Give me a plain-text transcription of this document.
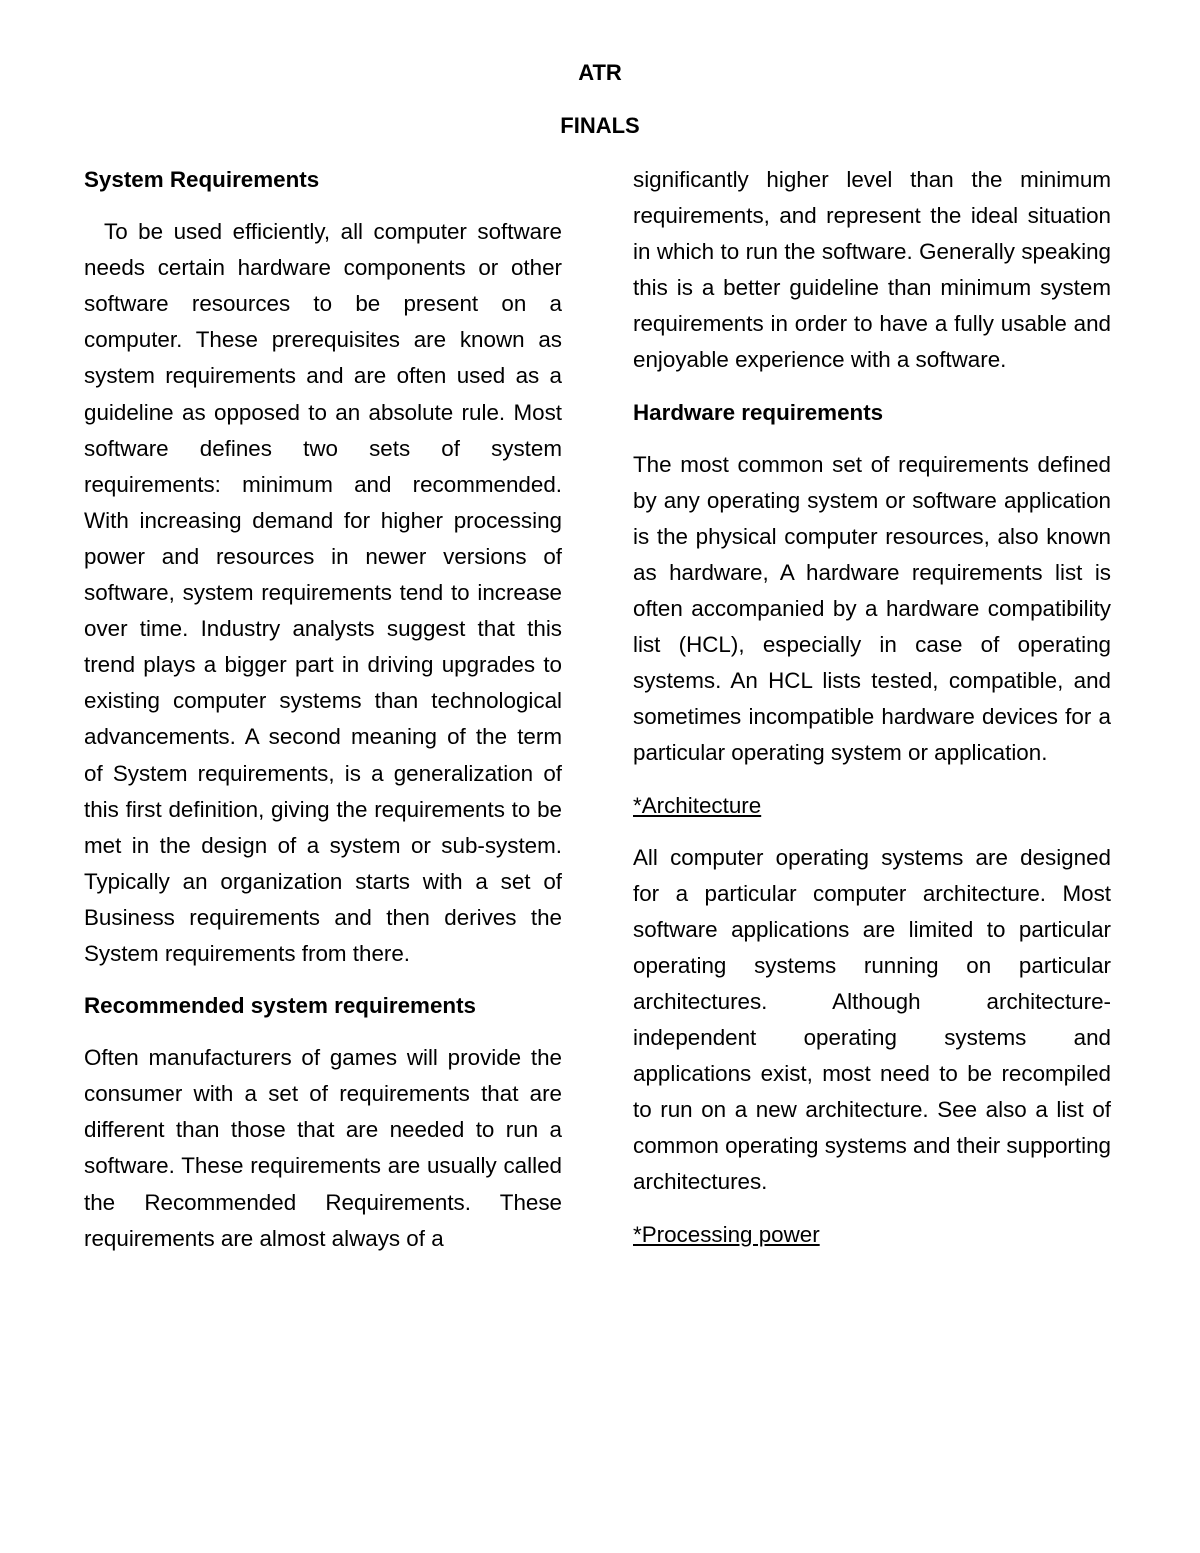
ATR
FINALS
System Requirements

To be used efficiently, all computer software needs certain hardware components or other software resources to be present on a computer. These prerequisites are known as system requirements and are often used as a guideline as opposed to an absolute rule. Most software defines two sets of system requirements: minimum and recommended. With increasing demand for higher processing power and resources in newer versions of software, system requirements tend to increase over time. Industry analysts suggest that this trend plays a bigger part in driving upgrades to existing computer systems than technological advancements. A second meaning of the term of System requirements, is a generalization of this first definition, giving the requirements to be met in the design of a system or sub-system. Typically an organization starts with a set of Business requirements and then derives the System requirements from there.

Recommended system requirements

Often manufacturers of games will provide the consumer with a set of requirements that are different than those that are needed to run a software. These requirements are usually called the Recommended Requirements. These requirements are almost always of a

significantly higher level than the minimum requirements, and represent the ideal situation in which to run the software. Generally speaking this is a better guideline than minimum system requirements in order to have a fully usable and enjoyable experience with a software.

Hardware requirements

The most common set of requirements defined by any operating system or software application is the physical computer resources, also known as hardware, A hardware requirements list is often accompanied by a hardware compatibility list (HCL), especially in case of operating systems. An HCL lists tested, compatible, and sometimes incompatible hardware devices for a particular operating system or application.

*Architecture

All computer operating systems are designed for a particular computer architecture. Most software applications are limited to particular operating systems running on particular architectures. Although architecture-independent operating systems and applications exist, most need to be recompiled to run on a new architecture. See also a list of common operating systems and their supporting architectures.

*Processing power
